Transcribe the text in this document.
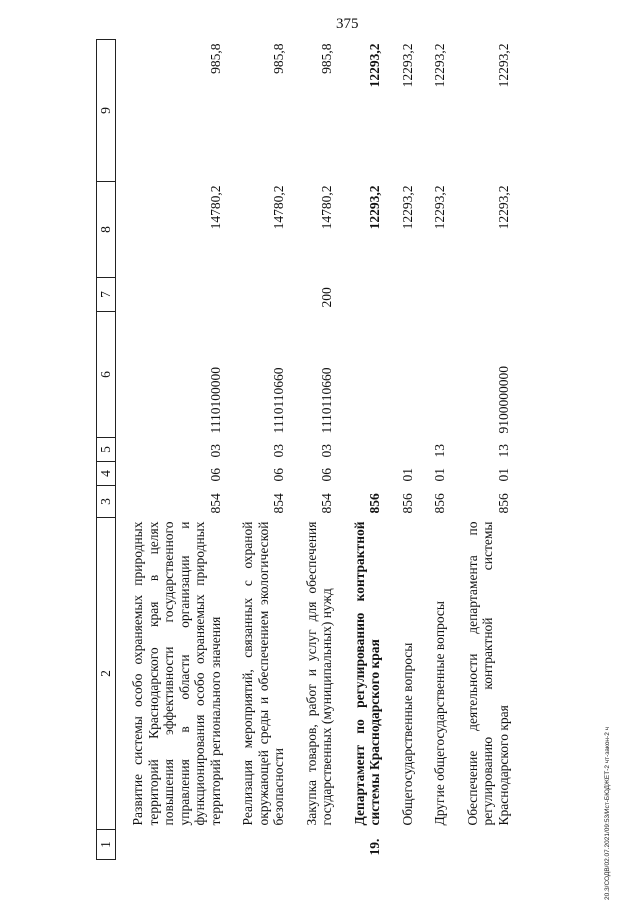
375
1	2	3	4	5	6	7	8	9
	Развитие системы особо охраняемых природных территорий Краснодарского края в целях повышения эффективности государственного управления в области организации и функционирования особо охраняемых природных территорий регионального значения	854	06	03	1110100000		14780,2	985,8
	Реализация мероприятий, связанных с охраной окружающей среды и обеспечением экологической безопасности	854	06	03	1110110660		14780,2	985,8
	Закупка товаров, работ и услуг для обеспечения государственных (муниципальных) нужд	854	06	03	1110110660	200	14780,2	985,8
19.	Департамент по регулированию контрактной системы Краснодарского края	856					12293,2	12293,2
	Общегосударственные вопросы	856	01				12293,2	12293,2
	Другие общегосударственные вопросы	856	01	13			12293,2	12293,2
	Обеспечение деятельности департамента по регулированию контрактной системы Краснодарского края	856	01	13	9100000000		12293,2	12293,2
20.3/СОДВ/02.07.2021/09:53/Ист-БЮДЖЕТ-2 чт-закон-2 ч
